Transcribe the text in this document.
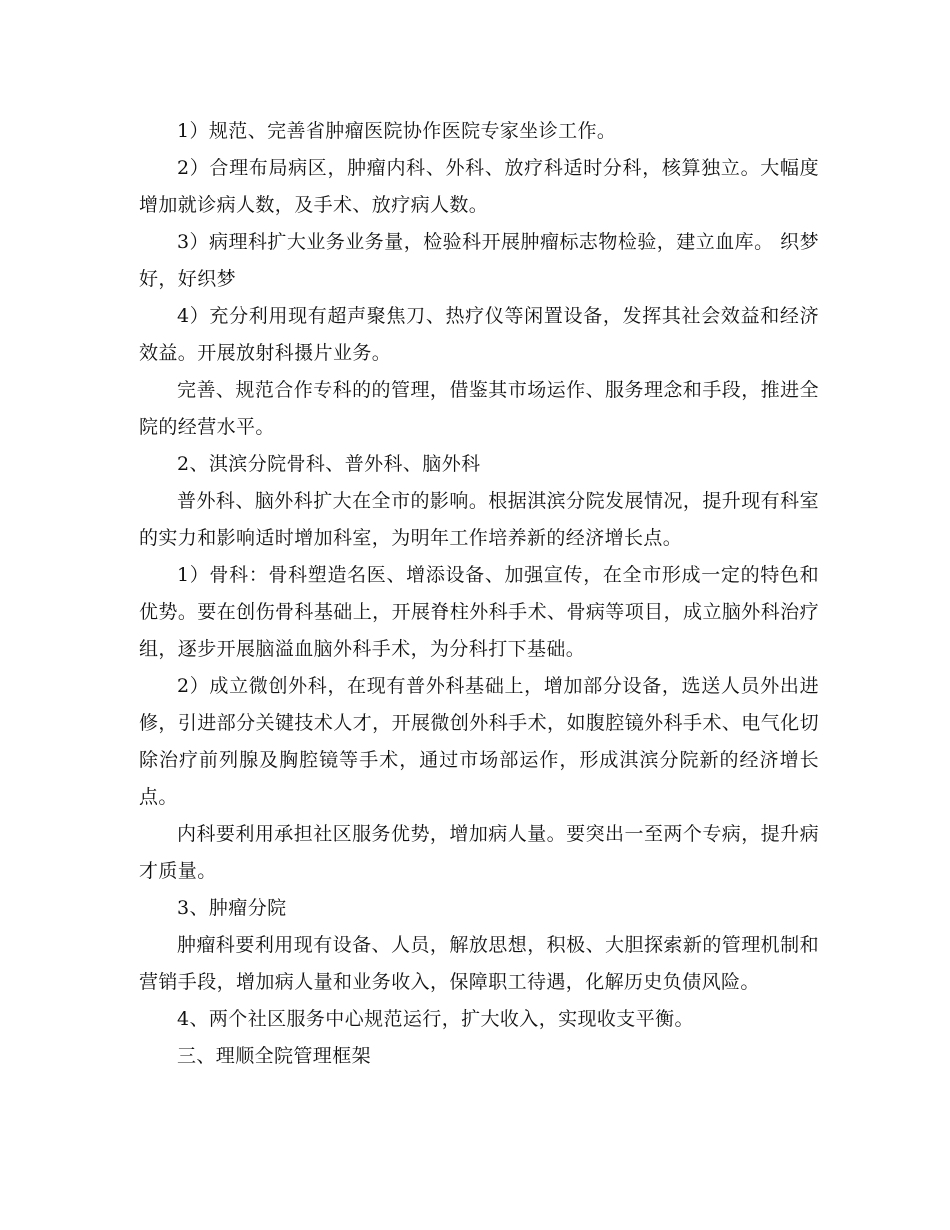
1）规范、完善省肿瘤医院协作医院专家坐诊工作。

2）合理布局病区，肿瘤内科、外科、放疗科适时分科，核算独立。大幅度增加就诊病人数，及手术、放疗病人数。

3）病理科扩大业务业务量，检验科开展肿瘤标志物检验，建立血库。 织梦好，好织梦

4）充分利用现有超声聚焦刀、热疗仪等闲置设备，发挥其社会效益和经济效益。开展放射科摄片业务。

完善、规范合作专科的的管理，借鉴其市场运作、服务理念和手段，推进全院的经营水平。

2、淇滨分院骨科、普外科、脑外科

普外科、脑外科扩大在全市的影响。根据淇滨分院发展情况，提升现有科室的实力和影响适时增加科室，为明年工作培养新的经济增长点。

1）骨科：骨科塑造名医、增添设备、加强宣传，在全市形成一定的特色和优势。要在创伤骨科基础上，开展脊柱外科手术、骨病等项目，成立脑外科治疗组，逐步开展脑溢血脑外科手术，为分科打下基础。

2）成立微创外科，在现有普外科基础上，增加部分设备，选送人员外出进修，引进部分关键技术人才，开展微创外科手术，如腹腔镜外科手术、电气化切除治疗前列腺及胸腔镜等手术，通过市场部运作，形成淇滨分院新的经济增长点。

内科要利用承担社区服务优势，增加病人量。要突出一至两个专病，提升病才质量。

3、肿瘤分院

肿瘤科要利用现有设备、人员，解放思想，积极、大胆探索新的管理机制和营销手段，增加病人量和业务收入，保障职工待遇，化解历史负债风险。

4、两个社区服务中心规范运行，扩大收入，实现收支平衡。

三、理顺全院管理框架
